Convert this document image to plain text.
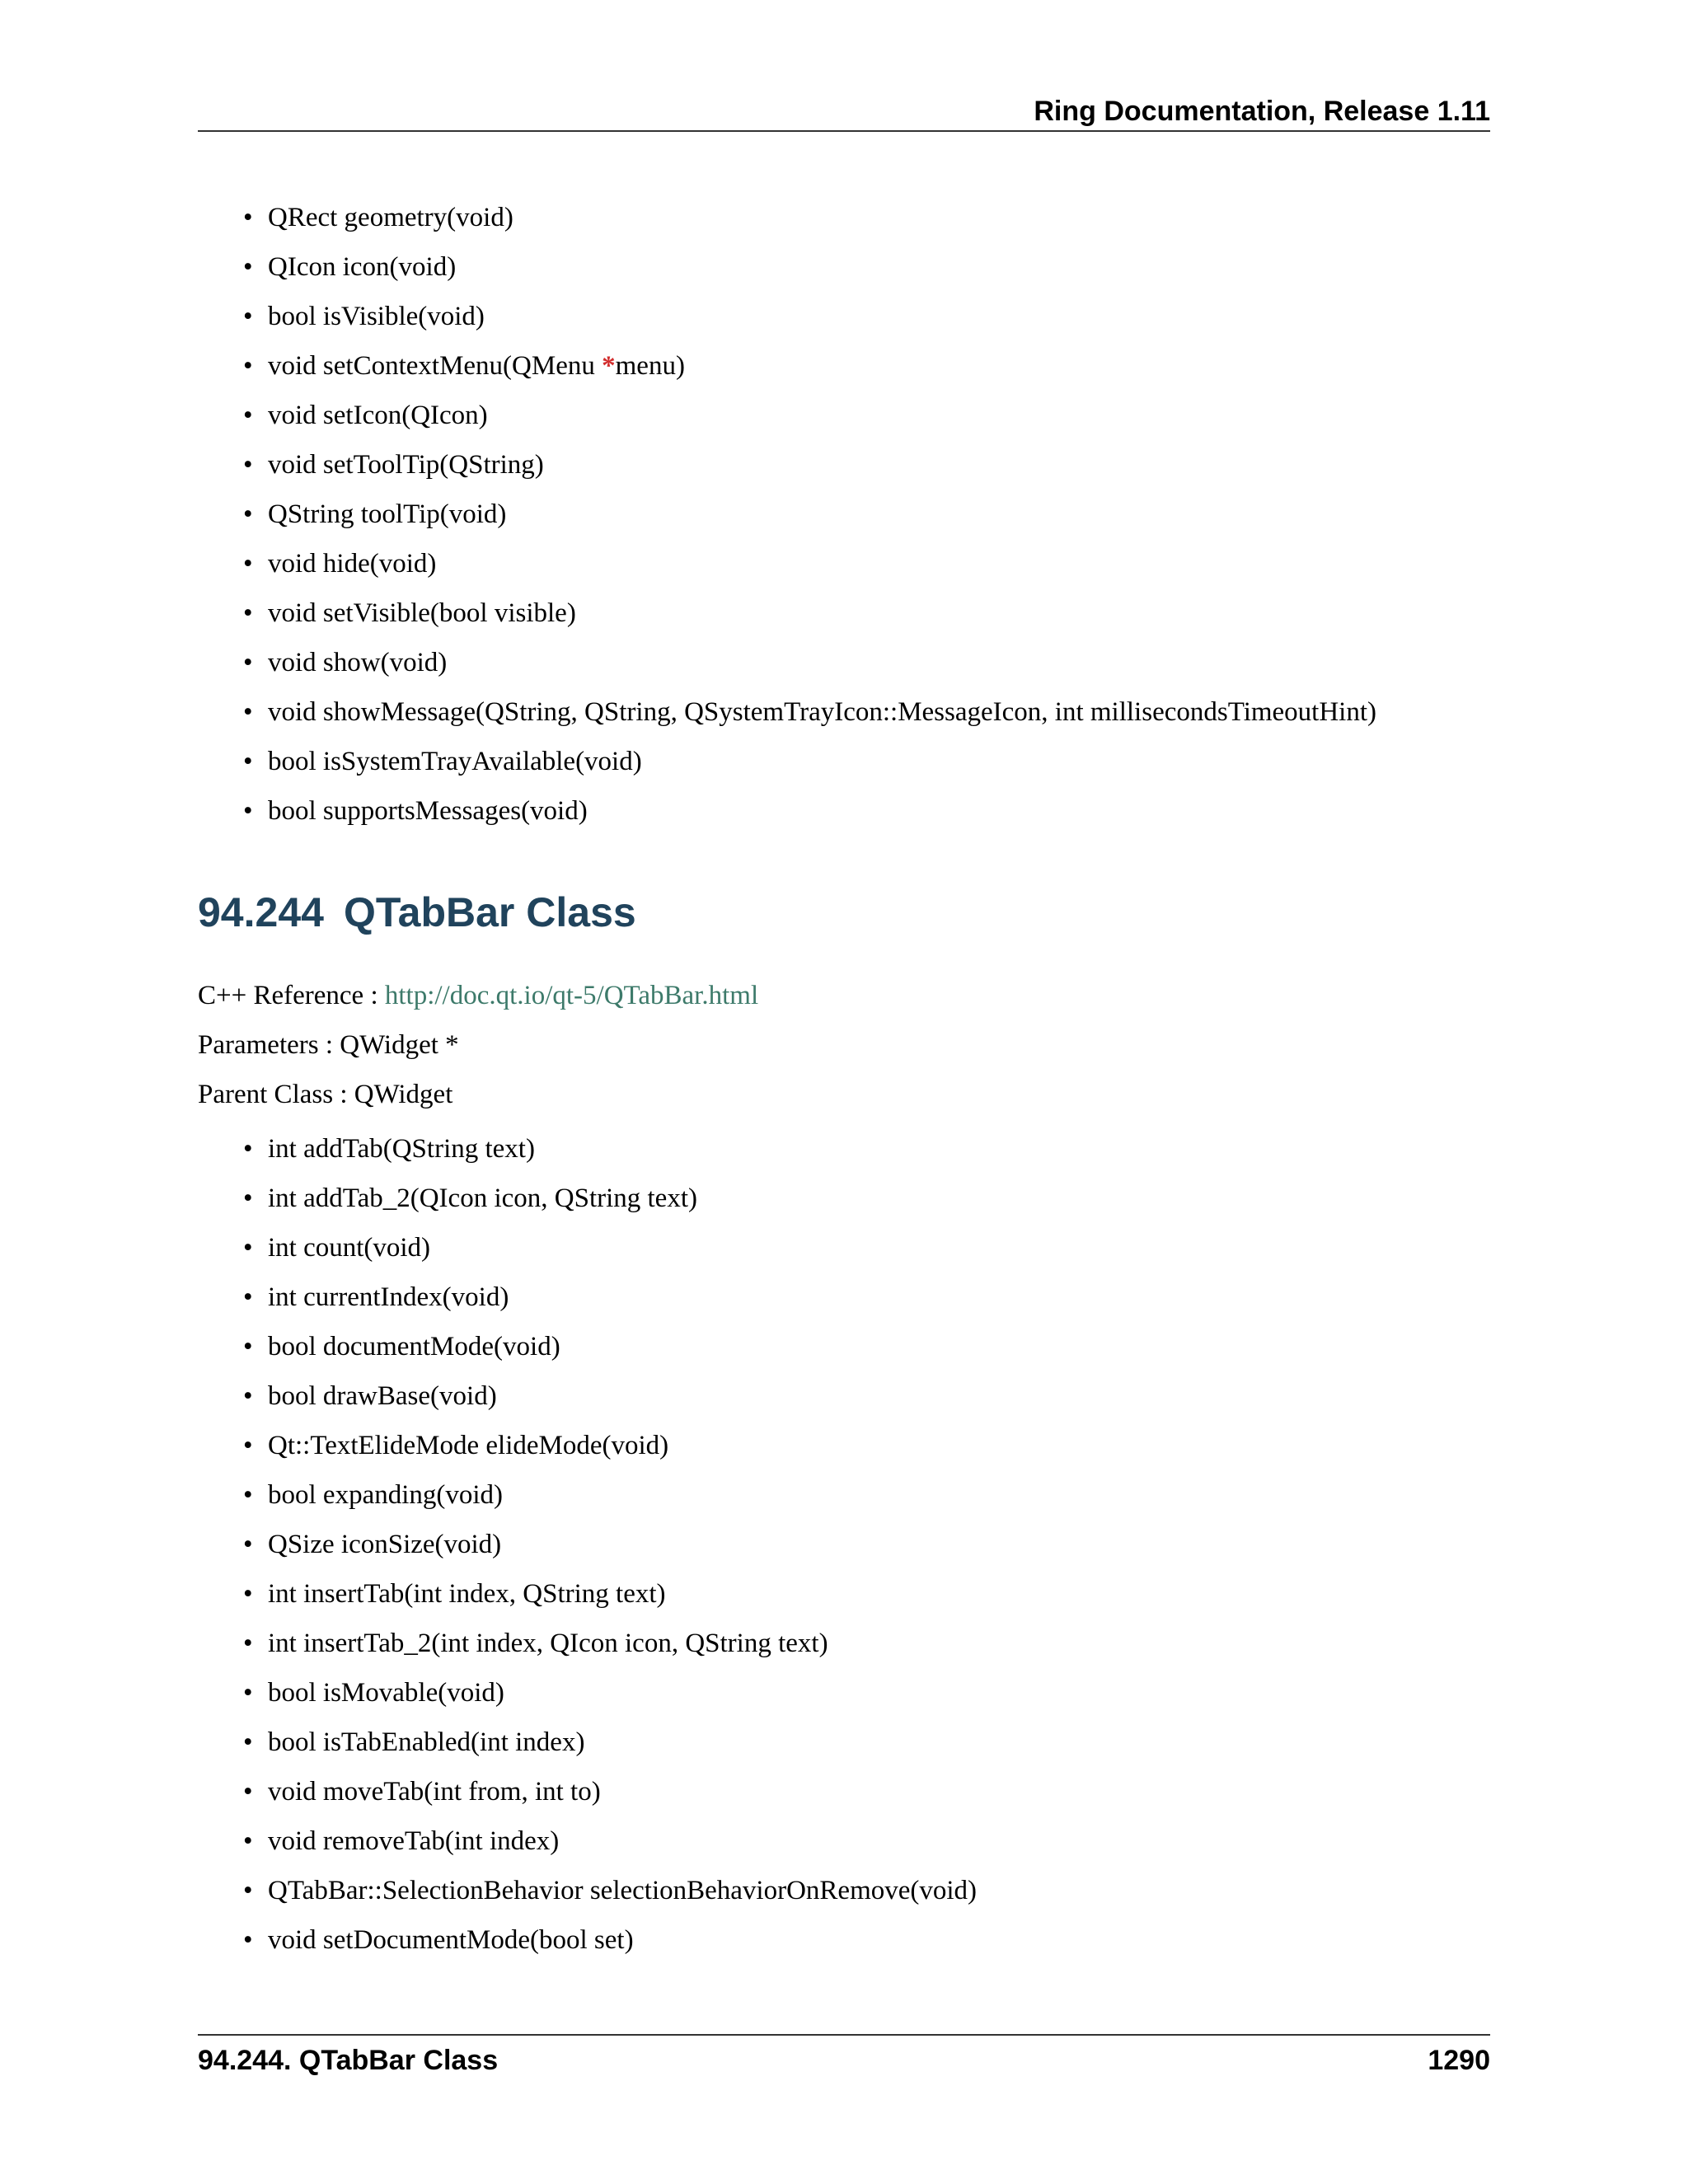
Ring Documentation, Release 1.11
• QRect geometry(void)
• QIcon icon(void)
• bool isVisible(void)
• void setContextMenu(QMenu *menu)
• void setIcon(QIcon)
• void setToolTip(QString)
• QString toolTip(void)
• void hide(void)
• void setVisible(bool visible)
• void show(void)
• void showMessage(QString, QString, QSystemTrayIcon::MessageIcon, int millisecondsTimeoutHint)
• bool isSystemTrayAvailable(void)
• bool supportsMessages(void)
94.244 QTabBar Class

C++ Reference : http://doc.qt.io/qt-5/QTabBar.html

Parameters : QWidget *

Parent Class : QWidget

• int addTab(QString text)
• int addTab_2(QIcon icon, QString text)
• int count(void)
• int currentIndex(void)
• bool documentMode(void)
• bool drawBase(void)
• Qt::TextElideMode elideMode(void)
• bool expanding(void)
• QSize iconSize(void)
• int insertTab(int index, QString text)
• int insertTab_2(int index, QIcon icon, QString text)
• bool isMovable(void)
• bool isTabEnabled(int index)
• void moveTab(int from, int to)
• void removeTab(int index)
• QTabBar::SelectionBehavior selectionBehaviorOnRemove(void)
• void setDocumentMode(bool set)
94.244. QTabBar Class	1290
